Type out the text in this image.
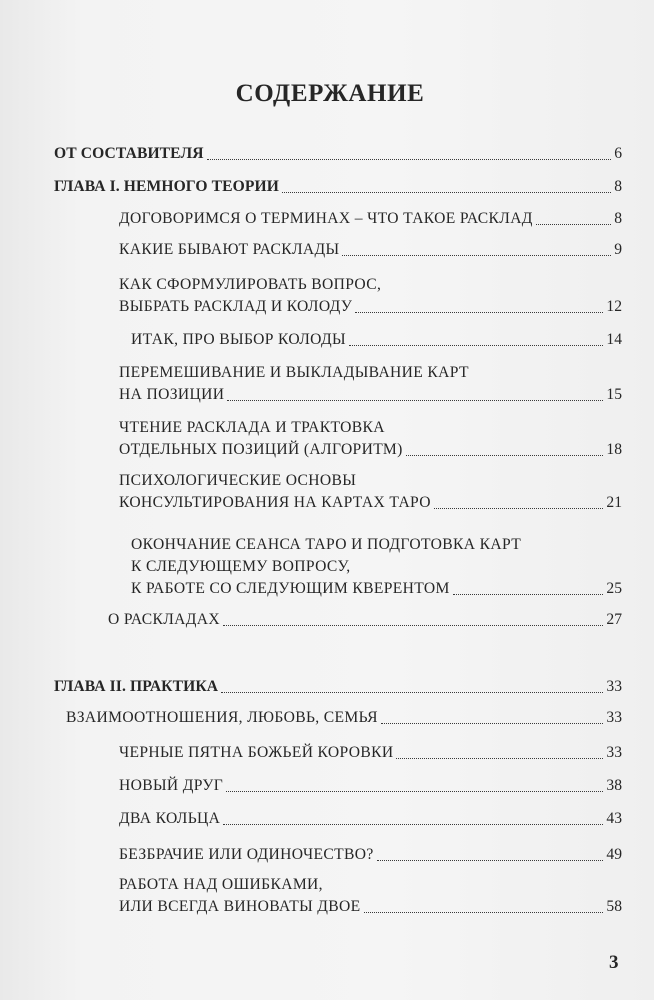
СОДЕРЖАНИЕ
ОТ СОСТАВИТЕЛЯ	6
ГЛАВА I. НЕМНОГО ТЕОРИИ	8
ДОГОВОРИМСЯ О ТЕРМИНАХ – ЧТО ТАКОЕ РАСКЛАД	8
КАКИЕ БЫВАЮТ РАСКЛАДЫ	9
КАК СФОРМУЛИРОВАТЬ ВОПРОС,
ВЫБРАТЬ РАСКЛАД И КОЛОДУ	12
ИТАК, ПРО ВЫБОР КОЛОДЫ	14
ПЕРЕМЕШИВАНИЕ И ВЫКЛАДЫВАНИЕ КАРТ
НА ПОЗИЦИИ	15
ЧТЕНИЕ РАСКЛАДА И ТРАКТОВКА
ОТДЕЛЬНЫХ ПОЗИЦИЙ (АЛГОРИТМ)	18
ПСИХОЛОГИЧЕСКИЕ ОСНОВЫ
КОНСУЛЬТИРОВАНИЯ НА КАРТАХ ТАРО	21
ОКОНЧАНИЕ СЕАНСА ТАРО И ПОДГОТОВКА КАРТ
К СЛЕДУЮЩЕМУ ВОПРОСУ,
К РАБОТЕ СО СЛЕДУЮЩИМ КВЕРЕНТОМ	25
О РАСКЛАДАХ	27
ГЛАВА II. ПРАКТИКА	33
ВЗАИМООТНОШЕНИЯ, ЛЮБОВЬ, СЕМЬЯ	33
ЧЕРНЫЕ ПЯТНА БОЖЬЕЙ КОРОВКИ	33
НОВЫЙ ДРУГ	38
ДВА КОЛЬЦА	43
БЕЗБРАЧИЕ ИЛИ ОДИНОЧЕСТВО?	49
РАБОТА НАД ОШИБКАМИ,
ИЛИ ВСЕГДА ВИНОВАТЫ ДВОЕ	58
3
